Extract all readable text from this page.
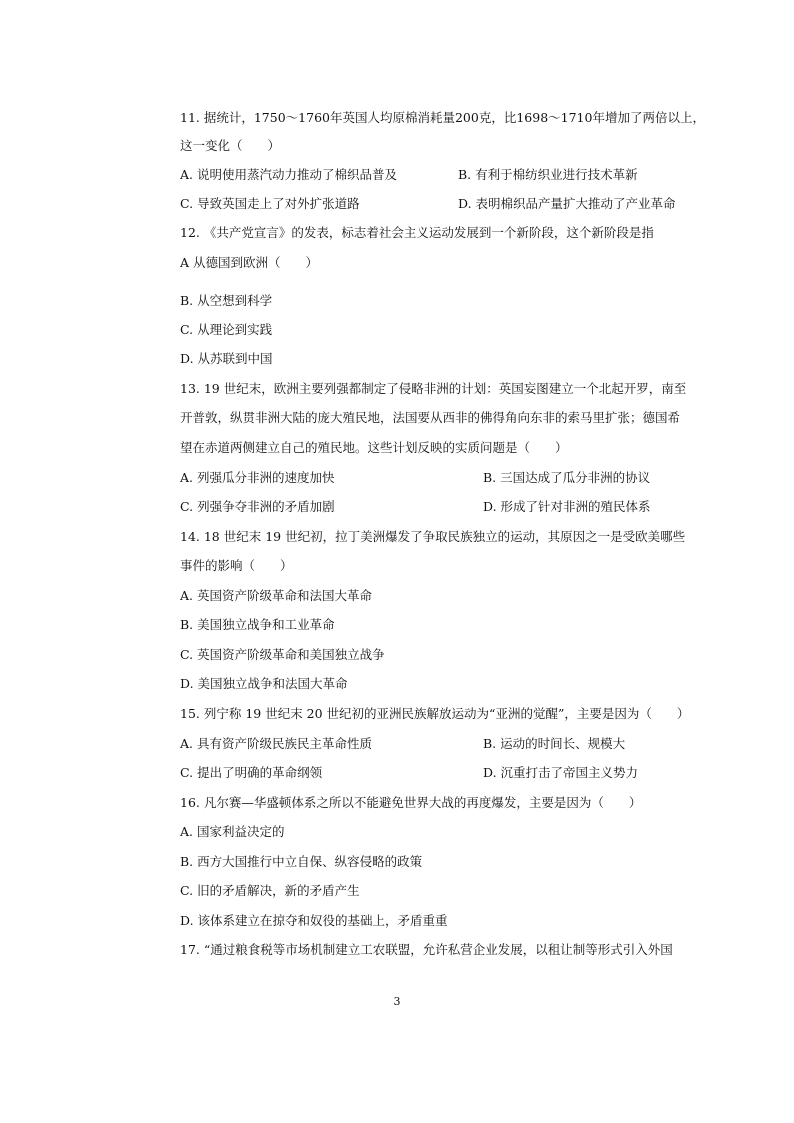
11. 据统计，1750～1760年英国人均原棉消耗量200克，比1698～1710年增加了两倍以上，
这一变化（　　）
A. 说明使用蒸汽动力推动了棉织品普及	B. 有利于棉纺织业进行技术革新
C. 导致英国走上了对外扩张道路	D. 表明棉织品产量扩大推动了产业革命
12. 《共产党宣言》的发表，标志着社会主义运动发展到一个新阶段，这个新阶段是指
A 从德国到欧洲（　　）
B. 从空想到科学
C. 从理论到实践
D. 从苏联到中国
13. 19 世纪末，欧洲主要列强都制定了侵略非洲的计划：英国妄图建立一个北起开罗，南至
开普敦，纵贯非洲大陆的庞大殖民地，法国要从西非的佛得角向东非的索马里扩张；德国希
望在赤道两侧建立自己的殖民地。这些计划反映的实质问题是（　　）
A. 列强瓜分非洲的速度加快	B. 三国达成了瓜分非洲的协议
C. 列强争夺非洲的矛盾加剧	D. 形成了针对非洲的殖民体系
14. 18 世纪末 19 世纪初，拉丁美洲爆发了争取民族独立的运动，其原因之一是受欧美哪些
事件的影响（　　）
A. 英国资产阶级革命和法国大革命
B. 美国独立战争和工业革命
C. 英国资产阶级革命和美国独立战争
D. 美国独立战争和法国大革命
15. 列宁称 19 世纪末 20 世纪初的亚洲民族解放运动为“亚洲的觉醒”，主要是因为（　　）
A. 具有资产阶级民族民主革命性质	B. 运动的时间长、规模大
C. 提出了明确的革命纲领	D. 沉重打击了帝国主义势力
16. 凡尔赛—华盛顿体系之所以不能避免世界大战的再度爆发，主要是因为（　　）
A. 国家利益决定的
B. 西方大国推行中立自保、纵容侵略的政策
C. 旧的矛盾解决，新的矛盾产生
D. 该体系建立在掠夺和奴役的基础上，矛盾重重
17. “通过粮食税等市场机制建立工农联盟，允许私营企业发展，以租让制等形式引入外国
3
